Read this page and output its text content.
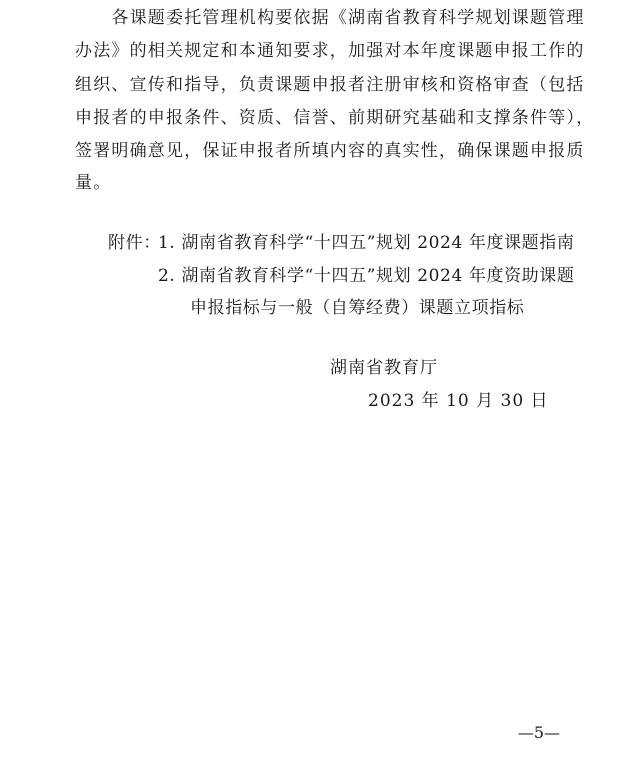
　　各课题委托管理机构要依据《湖南省教育科学规划课题管理
办法》的相关规定和本通知要求，加强对本年度课题申报工作的
组织、宣传和指导，负责课题申报者注册审核和资格审查（包括
申报者的申报条件、资质、信誉、前期研究基础和支撑条件等），
签署明确意见，保证申报者所填内容的真实性，确保课题申报质
量。
附件：
1. 湖南省教育科学“十四五”规划 2024 年度课题指南
2. 湖南省教育科学“十四五”规划 2024 年度资助课题
申报指标与一般（自筹经费）课题立项指标
湖南省教育厅
2023 年 10 月 30 日
—5—
